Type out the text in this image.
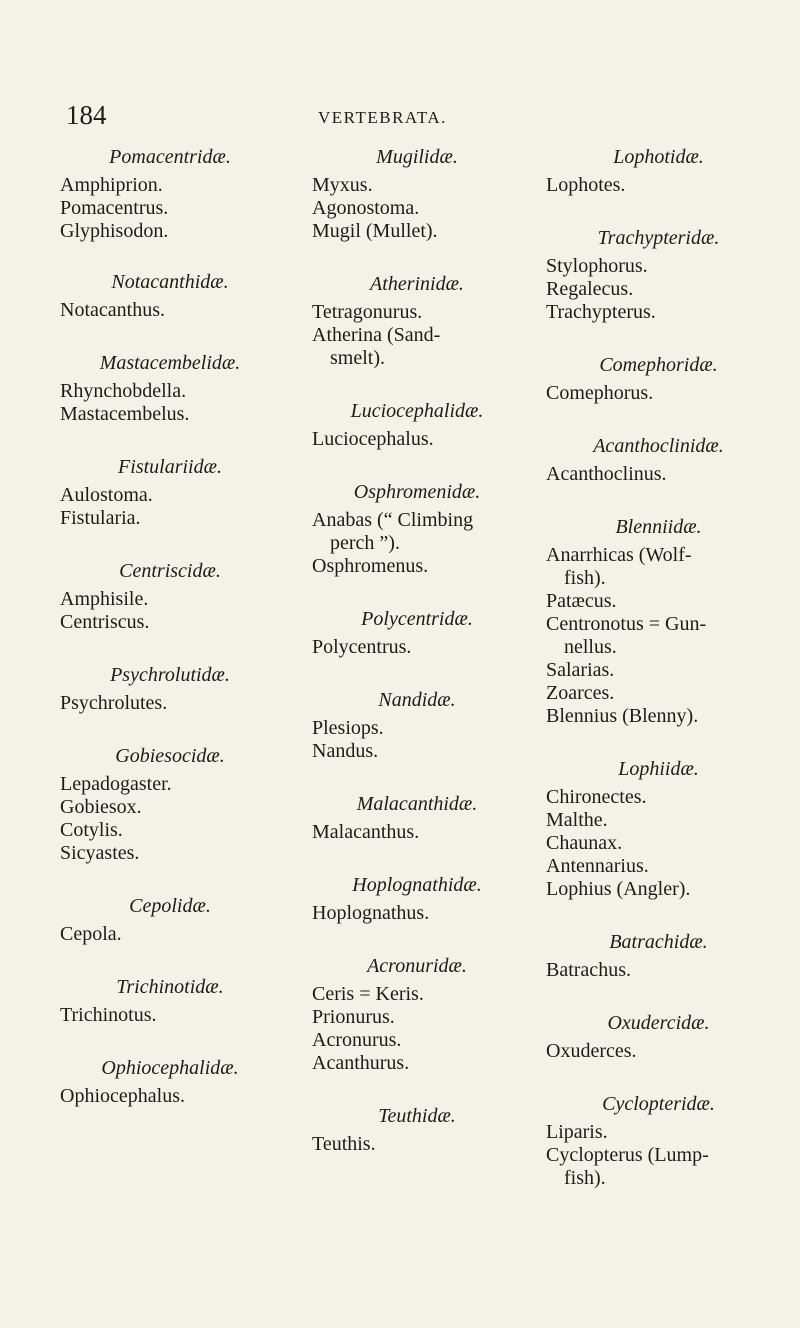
184	VERTEBRATA.
Pomacentridæ.
Amphiprion.
Pomacentrus.
Glyphisodon.
Notacanthidæ.
Notacanthus.
Mastacembelidæ.
Rhynchobdella.
Mastacembelus.
Fistulariidæ.
Aulostoma.
Fistularia.
Centriscidæ.
Amphisile.
Centriscus.
Psychrolutidæ.
Psychrolutes.
Gobiesocidæ.
Lepadogaster.
Gobiesox.
Cotylis.
Sicyastes.
Cepolidæ.
Cepola.
Trichinotidæ.
Trichinotus.
Ophiocephalidæ.
Ophiocephalus.
Mugilidæ.
Myxus.
Agonostoma.
Mugil (Mullet).
Atherinidæ.
Tetragonurus.
Atherina (Sand-
smelt).
Luciocephalidæ.
Luciocephalus.
Osphromenidæ.
Anabas (“ Climbing
perch ”).
Osphromenus.
Polycentridæ.
Polycentrus.
Nandidæ.
Plesiops.
Nandus.
Malacanthidæ.
Malacanthus.
Hoplognathidæ.
Hoplognathus.
Acronuridæ.
Ceris = Keris.
Prionurus.
Acronurus.
Acanthurus.
Teuthidæ.
Teuthis.
Lophotidæ.
Lophotes.
Trachypteridæ.
Stylophorus.
Regalecus.
Trachypterus.
Comephoridæ.
Comephorus.
Acanthoclinidæ.
Acanthoclinus.
Blenniidæ.
Anarrhicas (Wolf-
fish).
Patæcus.
Centronotus = Gun-
nellus.
Salarias.
Zoarces.
Blennius (Blenny).
Lophiidæ.
Chironectes.
Malthe.
Chaunax.
Antennarius.
Lophius (Angler).
Batrachidæ.
Batrachus.
Oxudercidæ.
Oxuderces.
Cyclopteridæ.
Liparis.
Cyclopterus (Lump-
fish).
